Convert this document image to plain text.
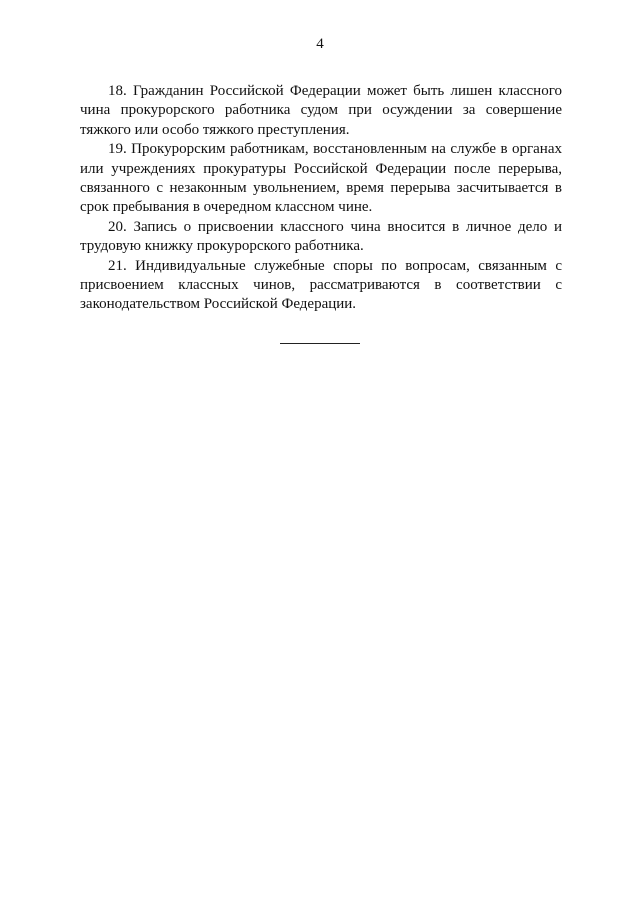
4

18. Гражданин Российской Федерации может быть лишен классного чина прокурорского работника судом при осуждении за совершение тяжкого или особо тяжкого преступления.

19. Прокурорским работникам, восстановленным на службе в органах или учреждениях прокуратуры Российской Федерации после перерыва, связанного с незаконным увольнением, время перерыва засчитывается в срок пребывания в очередном классном чине.

20. Запись о присвоении классного чина вносится в личное дело и трудовую книжку прокурорского работника.

21. Индивидуальные служебные споры по вопросам, связанным с присвоением классных чинов, рассматриваются в соответствии с законодательством Российской Федерации.
